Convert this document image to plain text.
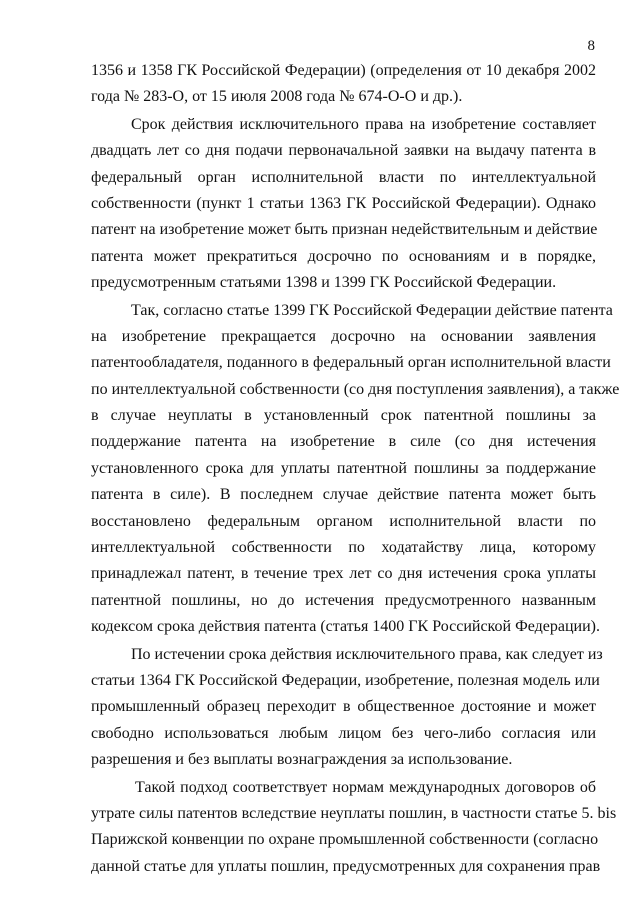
8

1356 и 1358 ГК Российской Федерации) (определения от 10 декабря 2002
года № 283-О, от 15 июля 2008 года № 674-О-О и др.).
Срок действия исключительного права на изобретение составляет
двадцать лет со дня подачи первоначальной заявки на выдачу патента в
федеральный орган исполнительной власти по интеллектуальной
собственности (пункт 1 статьи 1363 ГК Российской Федерации). Однако
патент на изобретение может быть признан недействительным и действие
патента может прекратиться досрочно по основаниям и в порядке,
предусмотренным статьями 1398 и 1399 ГК Российской Федерации.
Так, согласно статье 1399 ГК Российской Федерации действие патента
на изобретение прекращается досрочно на основании заявления
патентообладателя, поданного в федеральный орган исполнительной власти
по интеллектуальной собственности (со дня поступления заявления), а также
в случае неуплаты в установленный срок патентной пошлины за
поддержание патента на изобретение в силе (со дня истечения
установленного срока для уплаты патентной пошлины за поддержание
патента в силе). В последнем случае действие патента может быть
восстановлено федеральным органом исполнительной власти по
интеллектуальной собственности по ходатайству лица, которому
принадлежал патент, в течение трех лет со дня истечения срока уплаты
патентной пошлины, но до истечения предусмотренного названным
кодексом срока действия патента (статья 1400 ГК Российской Федерации).
По истечении срока действия исключительного права, как следует из
статьи 1364 ГК Российской Федерации, изобретение, полезная модель или
промышленный образец переходит в общественное достояние и может
свободно использоваться любым лицом без чего-либо согласия или
разрешения и без выплаты вознаграждения за использование.
Такой подход соответствует нормам международных договоров об
утрате силы патентов вследствие неуплаты пошлин, в частности статье 5. bis
Парижской конвенции по охране промышленной собственности (согласно
данной статье для уплаты пошлин, предусмотренных для сохранения прав
